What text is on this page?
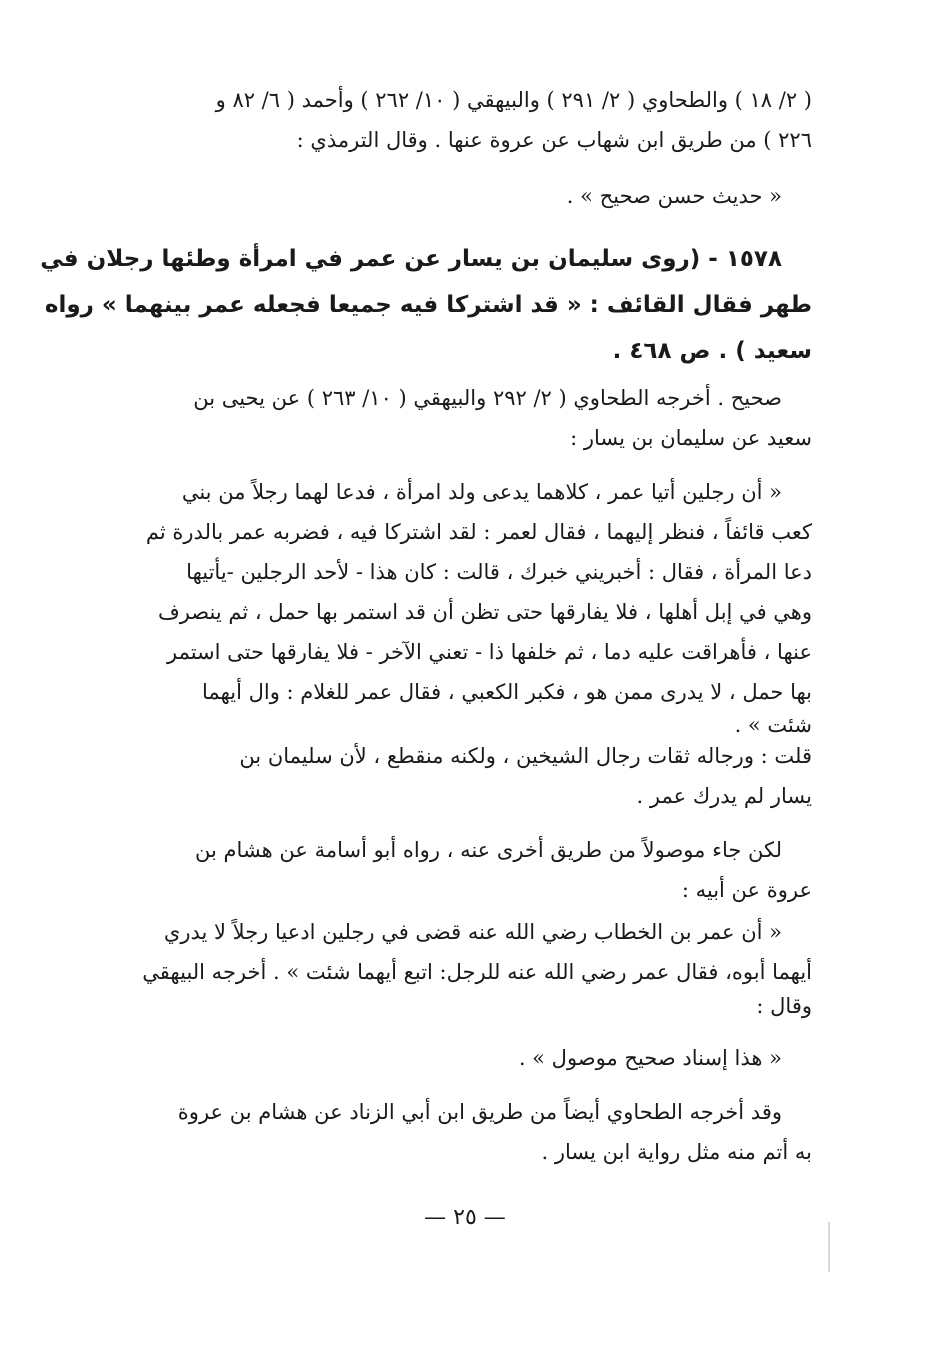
( ٢/ ١٨ ) والطحاوي ( ٢/ ٢٩١ ) والبيهقي ( ١٠/ ٢٦٢ ) وأحمد ( ٦/ ٨٢ و
٢٢٦ ) من طريق ابن شهاب عن عروة عنها . وقال الترمذي :
« حديث حسن صحيح » .
١٥٧٨ - (روى سليمان بن يسار عن عمر في امرأة وطئها رجلان في
طهر فقال القائف : « قد اشتركا فيه جميعا فجعله عمر بينهما » رواه
سعيد ) . ص ٤٦٨ .
صحيح . أخرجه الطحاوي ( ٢/ ٢٩٢ والبيهقي ( ١٠/ ٢٦٣ ) عن يحيى بن
سعيد عن سليمان بن يسار :
« أن رجلين أتيا عمر ، كلاهما يدعى ولد امرأة ، فدعا لهما رجلاً من بني
كعب قائفاً ، فنظر إليهما ، فقال لعمر : لقد اشتركا فيه ، فضربه عمر بالدرة ثم
دعا المرأة ، فقال : أخبريني خبرك ، قالت : كان هذا - لأحد الرجلين -يأتيها
وهي في إبل أهلها ، فلا يفارقها حتى تظن أن قد استمر بها حمل ، ثم ينصرف
عنها ، فأهراقت عليه دما ، ثم خلفها ذا - تعني الآخر - فلا يفارقها حتى استمر
بها حمل ، لا يدرى ممن هو ، فكبر الكعبي ، فقال عمر للغلام : وال أيهما
شئت » .
قلت : ورجاله ثقات رجال الشيخين ، ولكنه منقطع ، لأن سليمان بن
يسار لم يدرك عمر .
لكن جاء موصولاً من طريق أخرى عنه ، رواه أبو أسامة عن هشام بن
عروة عن أبيه :
« أن عمر بن الخطاب رضي الله عنه قضى في رجلين ادعيا رجلاً لا يدري
أيهما أبوه، فقال عمر رضي الله عنه للرجل: اتبع أيهما شئت » . أخرجه البيهقي
وقال :
« هذا إسناد صحيح موصول » .
وقد أخرجه الطحاوي أيضاً من طريق ابن أبي الزناد عن هشام بن عروة
به أتم منه مثل رواية ابن يسار .
— ٢٥ —
